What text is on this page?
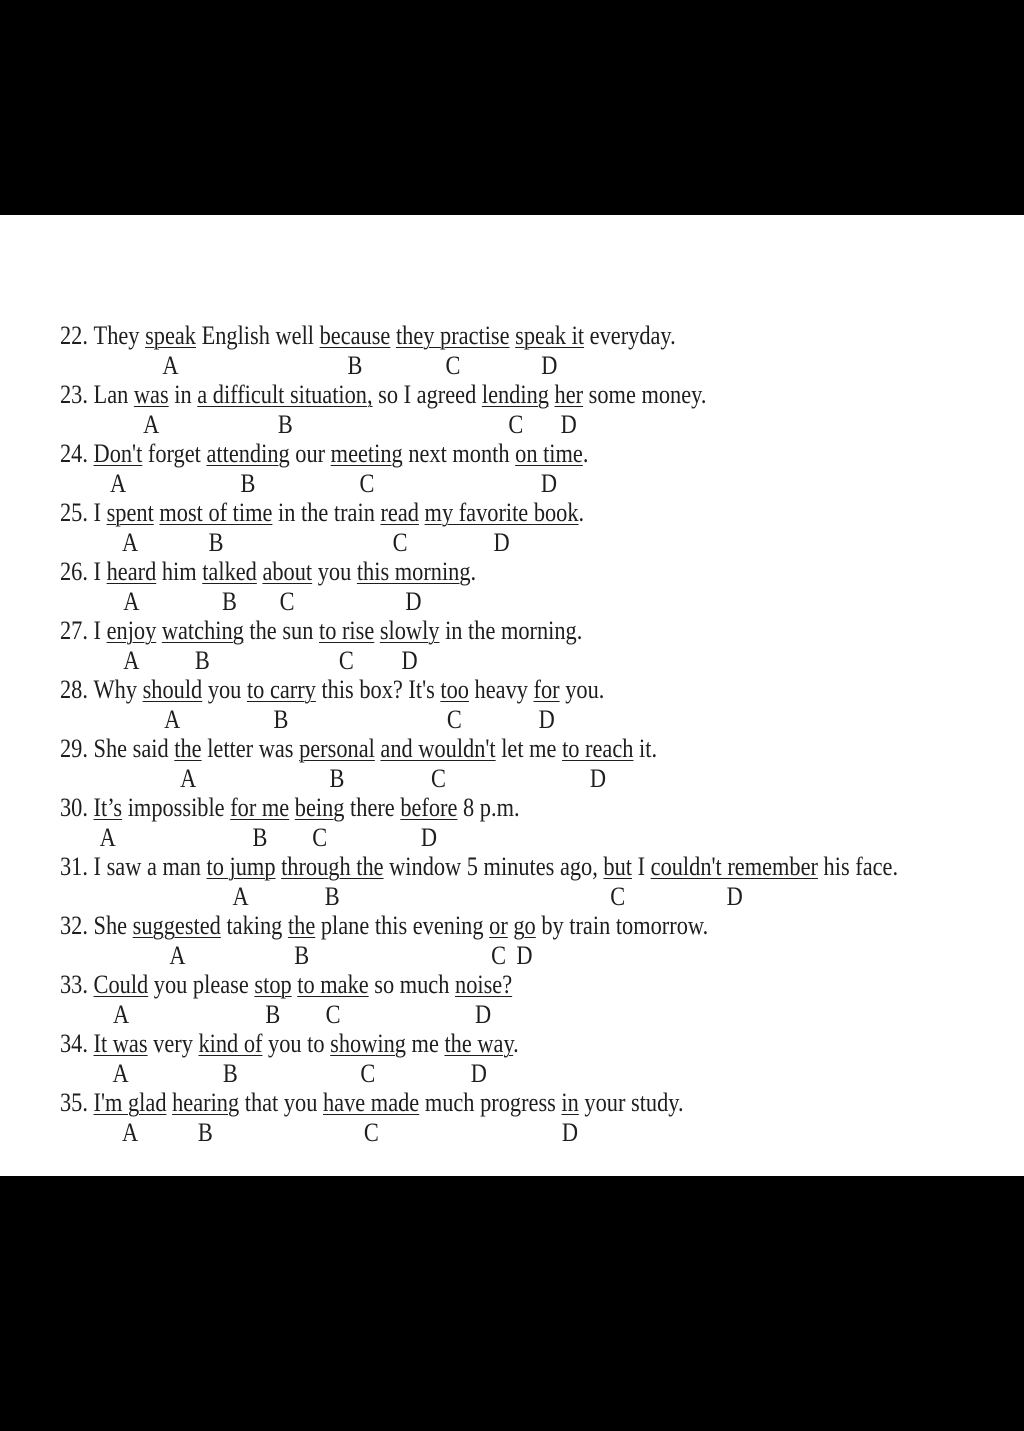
22. They speak English well because they practise speak it everyday.
A	B	C	D
23. Lan was in a difficult situation, so I agreed lending her some money.
A	B	C D
24. Don't forget attending our meeting next month on time.
A	B	C	D
25. I spent most of time in the train read my favorite book.
A	B	C	D
26. I heard him talked about you this morning.
A	B C	D
27. I enjoy watching the sun to rise slowly in the morning.
A B	C D
28. Why should you to carry this box? It's too heavy for you.
A	B	C	D
29. She said the letter was personal and wouldn't let me to reach it.
A	B	C	D
30. It’s impossible for me being there before 8 p.m.
A	B C	D
31. I saw a man to jump through the window 5 minutes ago, but I couldn't remember his face.
A	B	C	D
32. She suggested taking the plane this evening or go by train tomorrow.
A	B	C D
33. Could you please stop to make so much noise?
A	B C	D
34. It was very kind of you to showing me the way.
A	B	C	D
35. I'm glad hearing that you have made much progress in your study.
A B	C	D
